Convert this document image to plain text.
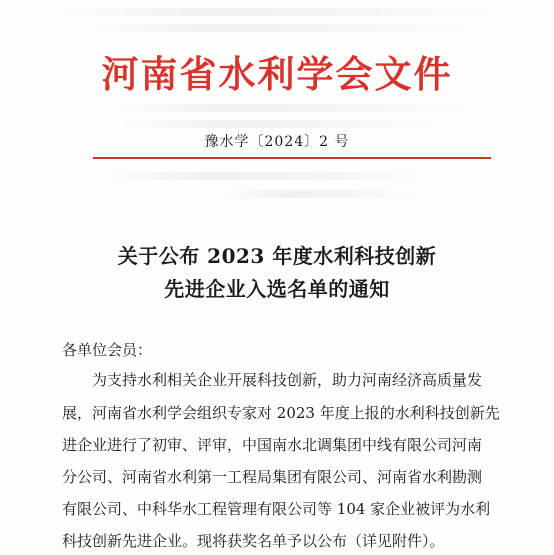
河南省水利学会文件
豫水学〔2024〕2 号
关于公布 2023 年度水利科技创新
先进企业入选名单的通知
各单位会员：
为支持水利相关企业开展科技创新，助力河南经济高质量发
展，河南省水利学会组织专家对 2023 年度上报的水利科技创新先
进企业进行了初审、评审，中国南水北调集团中线有限公司河南
分公司、河南省水利第一工程局集团有限公司、河南省水利勘测
有限公司、中科华水工程管理有限公司等 104 家企业被评为水利
科技创新先进企业。现将获奖名单予以公布（详见附件）。
